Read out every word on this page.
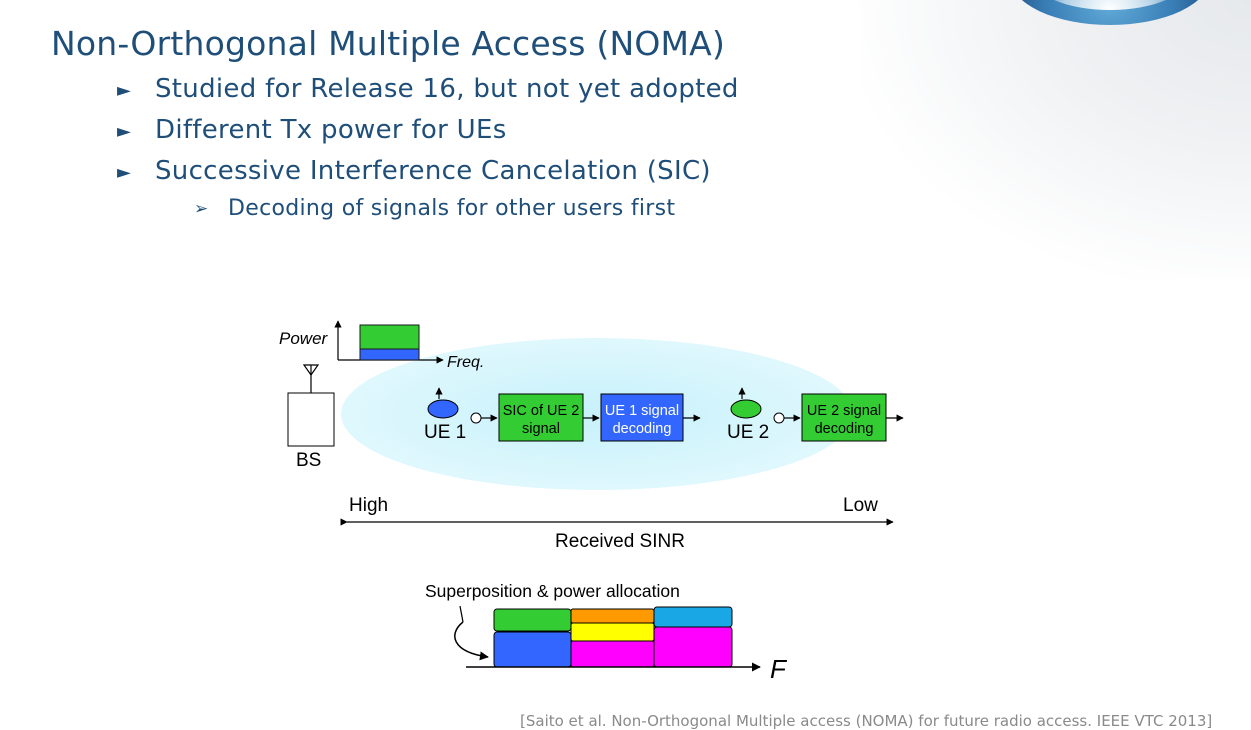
Non-Orthogonal Multiple Access (NOMA)
► Studied for Release 16, but not yet adopted
► Different Tx power for UEs
► Successive Interference Cancelation (SIC)
➢ Decoding of signals for other users first
Power
Freq.
BS
UE 1
SIC of UE 2
signal
UE 1 signal
decoding	UE 2
UE 2 signal
decoding
High	Low
Received SINR
Superposition & power allocation
F
[Saito et al. Non-Orthogonal Multiple access (NOMA) for future radio access. IEEE VTC 2013]
